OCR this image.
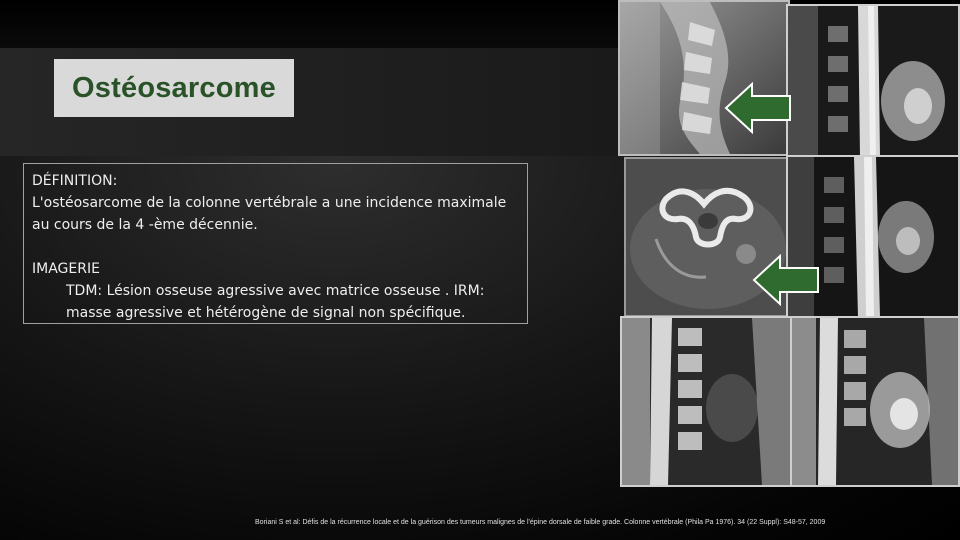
Ostéosarcome

DÉFINITION:

L'ostéosarcome de la colonne vertébrale a une incidence maximale au cours de la 4 -ème décennie.

IMAGERIE

TDM: Lésion osseuse agressive avec matrice osseuse . IRM: masse agressive et hétérogène de signal non spécifique.

Boriani S et al: Défis de la récurrence locale et de la guérison des tumeurs malignes de l'épine dorsale de faible grade. Colonne vertébrale (Phila Pa 1976). 34 (22 Suppl): S48-57, 2009
